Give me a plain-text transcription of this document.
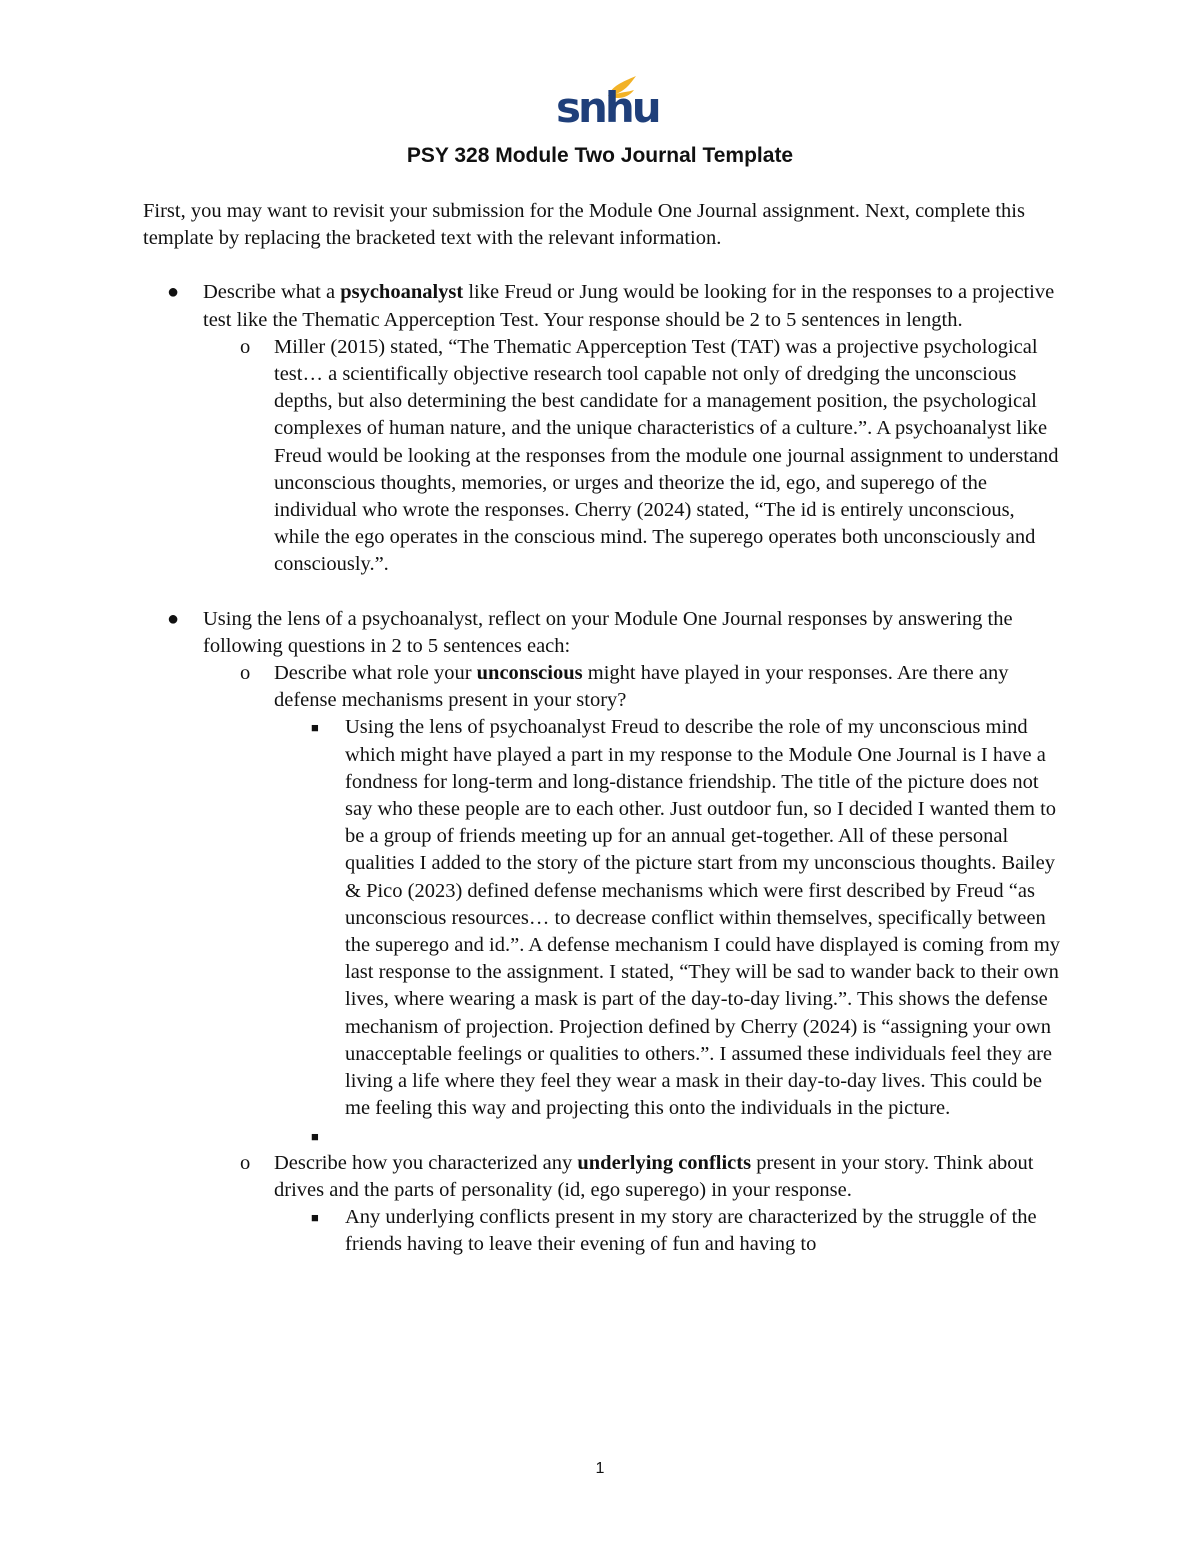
snhu
PSY 328 Module Two Journal Template

First, you may want to revisit your submission for the Module One Journal assignment. Next, complete this template by replacing the bracketed text with the relevant information.

● Describe what a psychoanalyst like Freud or Jung would be looking for in the responses to a projective test like the Thematic Apperception Test. Your response should be 2 to 5 sentences in length.
o Miller (2015) stated, “The Thematic Apperception Test (TAT) was a projective psychological test… a scientifically objective research tool capable not only of dredging the unconscious depths, but also determining the best candidate for a management position, the psychological complexes of human nature, and the unique characteristics of a culture.”. A psychoanalyst like Freud would be looking at the responses from the module one journal assignment to understand unconscious thoughts, memories, or urges and theorize the id, ego, and superego of the individual who wrote the responses. Cherry (2024) stated, “The id is entirely unconscious, while the ego operates in the conscious mind. The superego operates both unconsciously and consciously.”.
● Using the lens of a psychoanalyst, reflect on your Module One Journal responses by answering the following questions in 2 to 5 sentences each:
o Describe what role your unconscious might have played in your responses. Are there any defense mechanisms present in your story?
■ Using the lens of psychoanalyst Freud to describe the role of my unconscious mind which might have played a part in my response to the Module One Journal is I have a fondness for long-term and long-distance friendship. The title of the picture does not say who these people are to each other. Just outdoor fun, so I decided I wanted them to be a group of friends meeting up for an annual get-together. All of these personal qualities I added to the story of the picture start from my unconscious thoughts. Bailey & Pico (2023) defined defense mechanisms which were first described by Freud “as unconscious resources… to decrease conflict within themselves, specifically between the superego and id.”. A defense mechanism I could have displayed is coming from my last response to the assignment. I stated, “They will be sad to wander back to their own lives, where wearing a mask is part of the day-to-day living.”. This shows the defense mechanism of projection. Projection defined by Cherry (2024) is “assigning your own unacceptable feelings or qualities to others.”. I assumed these individuals feel they are living a life where they feel they wear a mask in their day-to-day lives. This could be me feeling this way and projecting this onto the individuals in the picture.
■
o Describe how you characterized any underlying conflicts present in your story. Think about drives and the parts of personality (id, ego superego) in your response.
■ Any underlying conflicts present in my story are characterized by the struggle of the friends having to leave their evening of fun and having to
1
